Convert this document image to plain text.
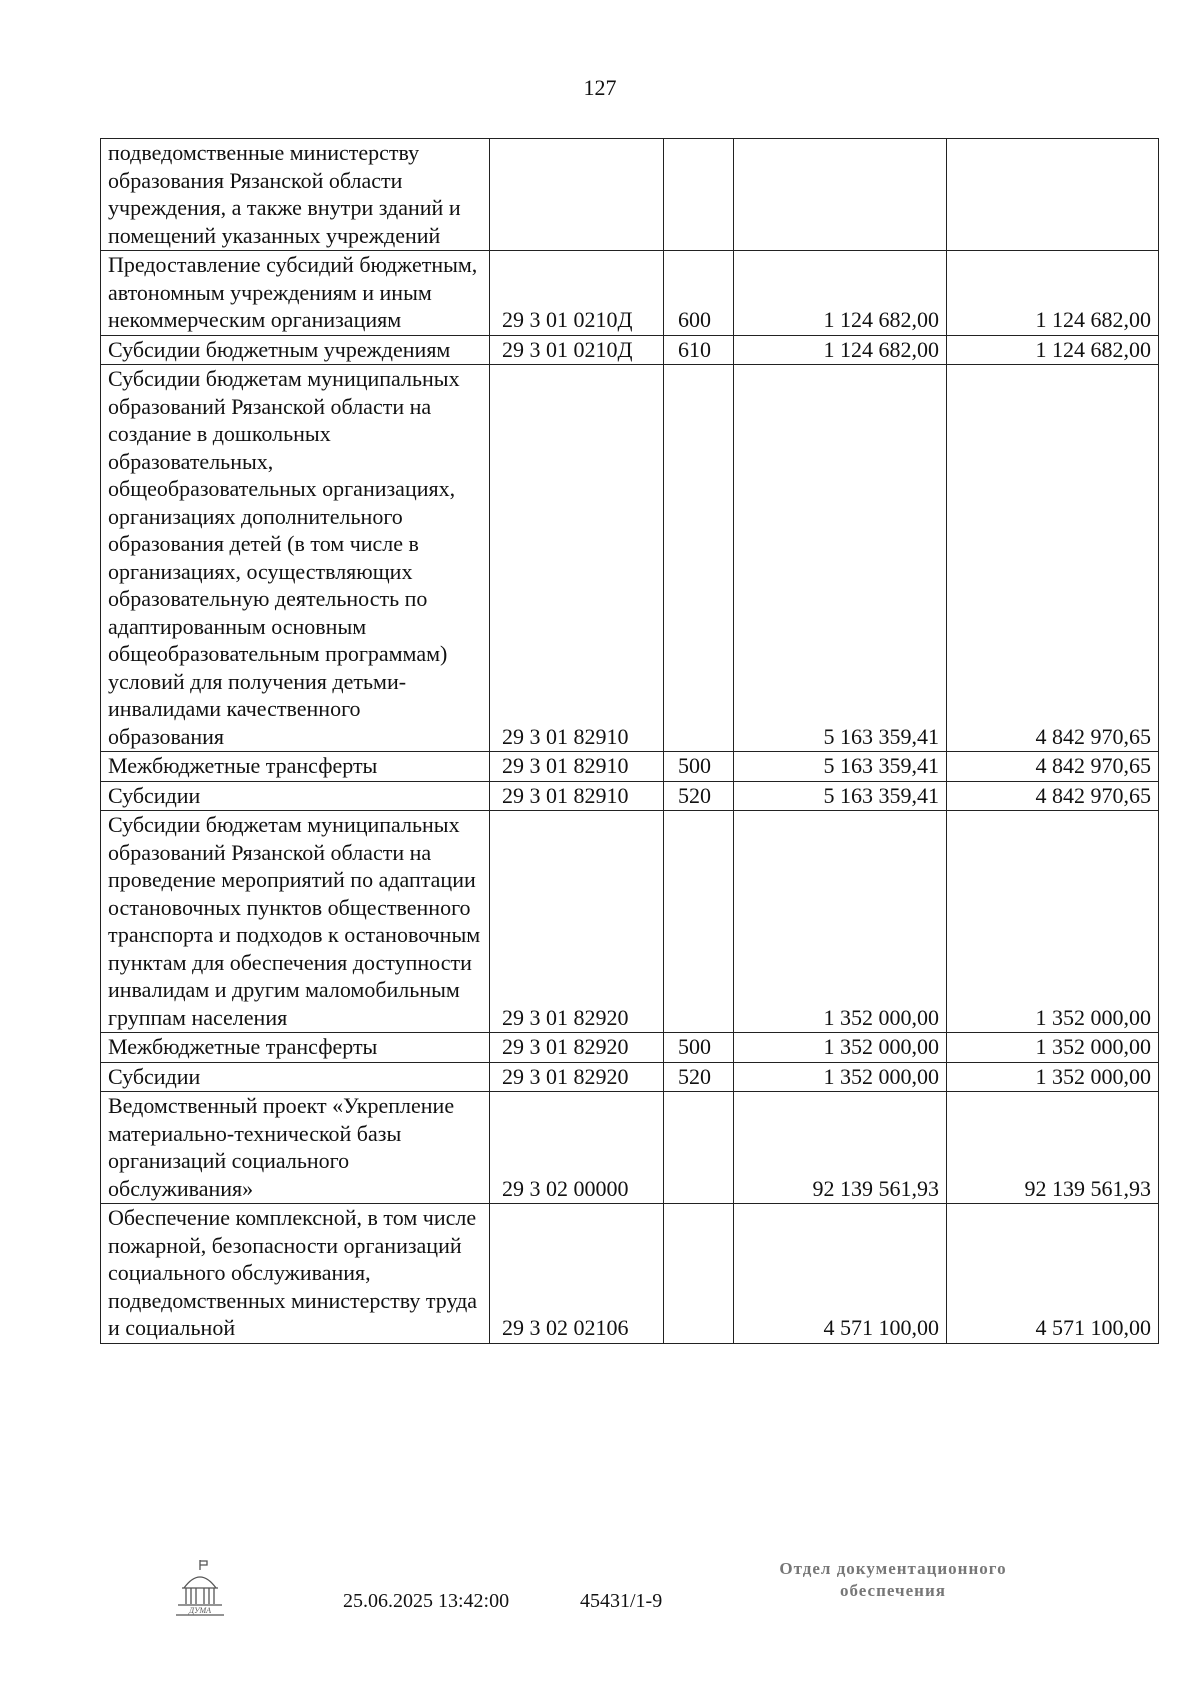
127
подведомственные министерству образования Рязанской области учреждения, а также внутри зданий и помещений указанных учреждений				
Предоставление субсидий бюджетным, автономным учреждениям и иным некоммерческим организациям	29 3 01 0210Д	600	1 124 682,00	1 124 682,00
Субсидии бюджетным учреждениям	29 3 01 0210Д	610	1 124 682,00	1 124 682,00
Субсидии бюджетам муниципальных образований Рязанской области на создание в дошкольных образовательных, общеобразовательных организациях, организациях дополнительного образования детей (в том числе в организациях, осуществляющих образовательную деятельность по адаптированным основным общеобразовательным программам) условий для получения детьми-инвалидами качественного образования	29 3 01 82910		5 163 359,41	4 842 970,65
Межбюджетные трансферты	29 3 01 82910	500	5 163 359,41	4 842 970,65
Субсидии	29 3 01 82910	520	5 163 359,41	4 842 970,65
Субсидии бюджетам муниципальных образований Рязанской области на проведение мероприятий по адаптации остановочных пунктов общественного транспорта и подходов к остановочным пунктам для обеспечения доступности инвалидам и другим маломобильным группам населения	29 3 01 82920		1 352 000,00	1 352 000,00
Межбюджетные трансферты	29 3 01 82920	500	1 352 000,00	1 352 000,00
Субсидии	29 3 01 82920	520	1 352 000,00	1 352 000,00
Ведомственный проект «Укрепление материально-технической базы организаций социального обслуживания»	29 3 02 00000		92 139 561,93	92 139 561,93
Обеспечение комплексной, в том числе пожарной, безопасности организаций социального обслуживания, подведомственных министерству труда и социальной	29 3 02 02106		4 571 100,00	4 571 100,00
ДУМА	25.06.2025 13:42:00	45431/1-9
Отдел документационного
обеспечения
